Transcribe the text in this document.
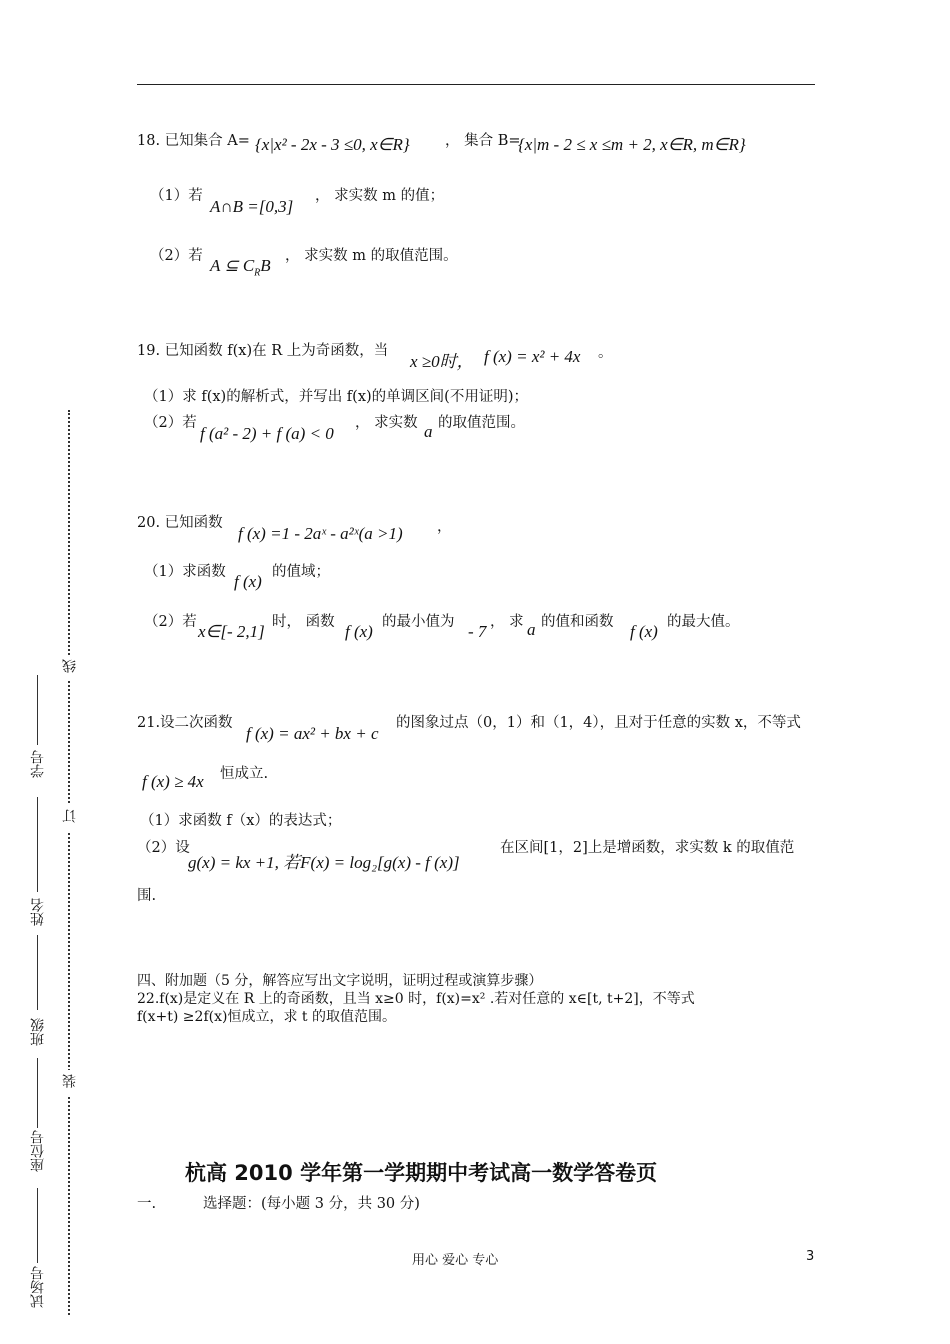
18. 已知集合 A= {x|x² - 2x - 3 ≤0, x∈R} ， 集合 B=
{x|m - 2 ≤ x ≤m + 2, x∈R, m∈R}
（1）若
A∩B =[0,3]
， 求实数 m 的值；
（2）若 A ⊆ $C_RB$ ， 求实数 m 的取值范围。
19. 已知函数 f(x)在 R 上为奇函数，当
x ≥0时， f (x) = x² + 4x 。
（1）求 f(x)的解析式，并写出 f(x)的单调区间(不用证明)；
（2）若
f (a² - 2) + f (a) < 0
， 求实数 a 的取值范围。
20. 已知函数
f (x) =1 - 2aˣ - a²ˣ(a >1) ，
（1）求函数 f (x) 的值域；
（2）若 x∈[- 2,1] 时， 函数 f (x) 的最小值为 - 7 ， 求 a 的值和函数 f (x) 的最大值。
21.设二次函数
f (x) = ax² + bx + c
的图象过点（0，1）和（1，4），且对于任意的实数 x，不等式
f (x) ≥ 4x 恒成立.
（1）求函数 f（x）的表达式；
（2）设
g(x) = kx +1, 若F(x) = log₂[g(x) - f (x)]
在区间[1，2]上是增函数，求实数 k 的取值范
围.
四、附加题（5 分，解答应写出文字说明，证明过程或演算步骤）
22.f(x)是定义在 R 上的奇函数，且当 x≥0 时，f(x)=x² .若对任意的 x∈[t, t+2]，不等式
f(x+t) ≥2f(x)恒成立，求 t 的取值范围。
杭高 2010 学年第一学期期中考试高一数学答卷页
一.	选择题：(每小题 3 分，共 30 分)
用心 爱心 专心	3
线
订
装
学号
姓名
班级
座位号
试场号
